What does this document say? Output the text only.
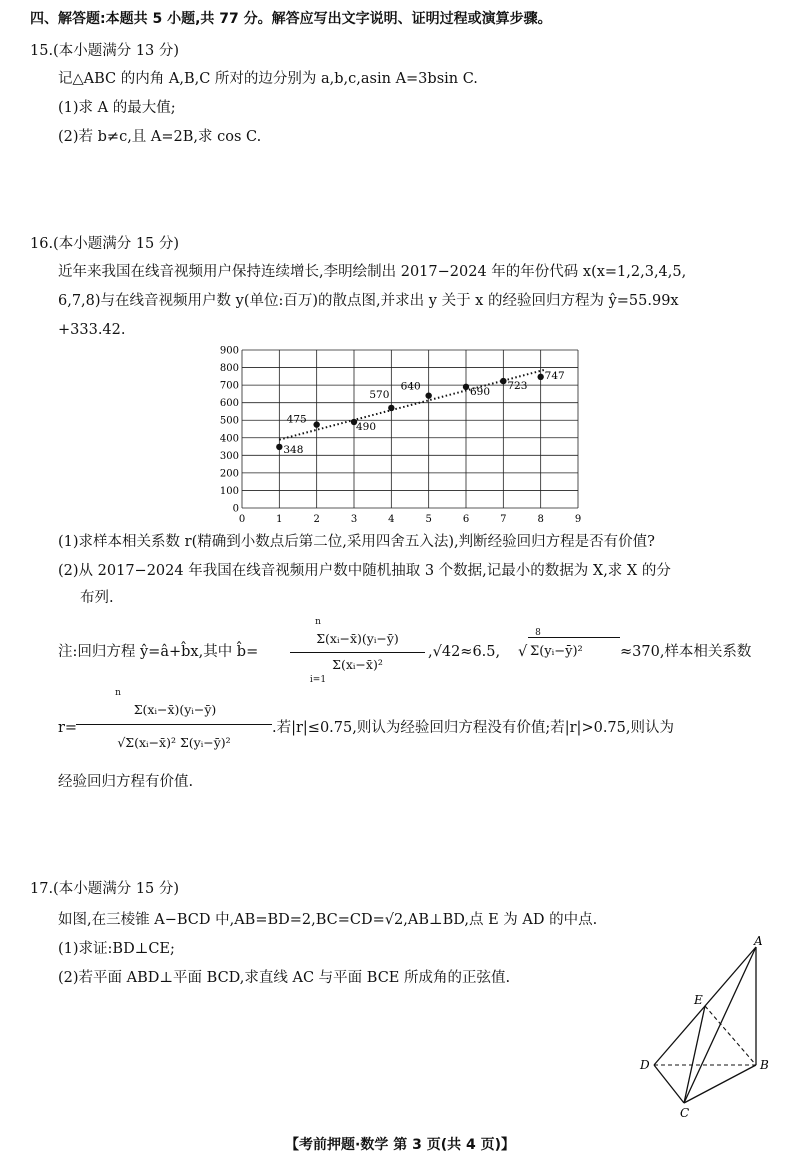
四、解答题:本题共 5 小题,共 77 分。解答应写出文字说明、证明过程或演算步骤。
15.(本小题满分 13 分)
记△ABC 的内角 A,B,C 所对的边分别为 a,b,c,asin A=3bsin C.
(1)求 A 的最大值;
(2)若 b≠c,且 A=2B,求 cos C.
16.(本小题满分 15 分)
近年来我国在线音视频用户保持连续增长,李明绘制出 2017−2024 年的年份代码 x(x=1,2,3,4,5,
6,7,8)与在线音视频用户数 y(单位:百万)的散点图,并求出 y 关于 x 的经验回归方程为 ŷ=55.99x
+333.42.
0	1	2	3	4	5	6	7	8	9
0
100
200
300
400
500
600
700
800
900
348
475
490
570
640	690 723
747
(1)求样本相关系数 r(精确到小数点后第二位,采用四舍五入法),判断经验回归方程是否有价值?
(2)从 2017−2024 年我国在线音视频用户数中随机抽取 3 个数据,记最小的数据为 X,求 X 的分
布列.
注:回归方程 ŷ=â+b̂x,其中 b̂=
n
Σ(xᵢ−x̄)(yᵢ−ȳ)
Σ(xᵢ−x̄)²
i=1
,√42≈6.5,
8
√ Σ(yᵢ−ȳ)²	≈370,样本相关系数
r=
n
Σ(xᵢ−x̄)(yᵢ−ȳ)
√Σ(xᵢ−x̄)² Σ(yᵢ−ȳ)²
.若|r|≤0.75,则认为经验回归方程没有价值;若|r|>0.75,则认为
经验回归方程有价值.
17.(本小题满分 15 分)
如图,在三棱锥 A−BCD 中,AB=BD=2,BC=CD=√2,AB⊥BD,点 E 为 AD 的中点.
(1)求证:BD⊥CE;
(2)若平面 ABD⊥平面 BCD,求直线 AC 与平面 BCE 所成角的正弦值.
A
E
D	B
C
【考前押题·数学 第 3 页(共 4 页)】
